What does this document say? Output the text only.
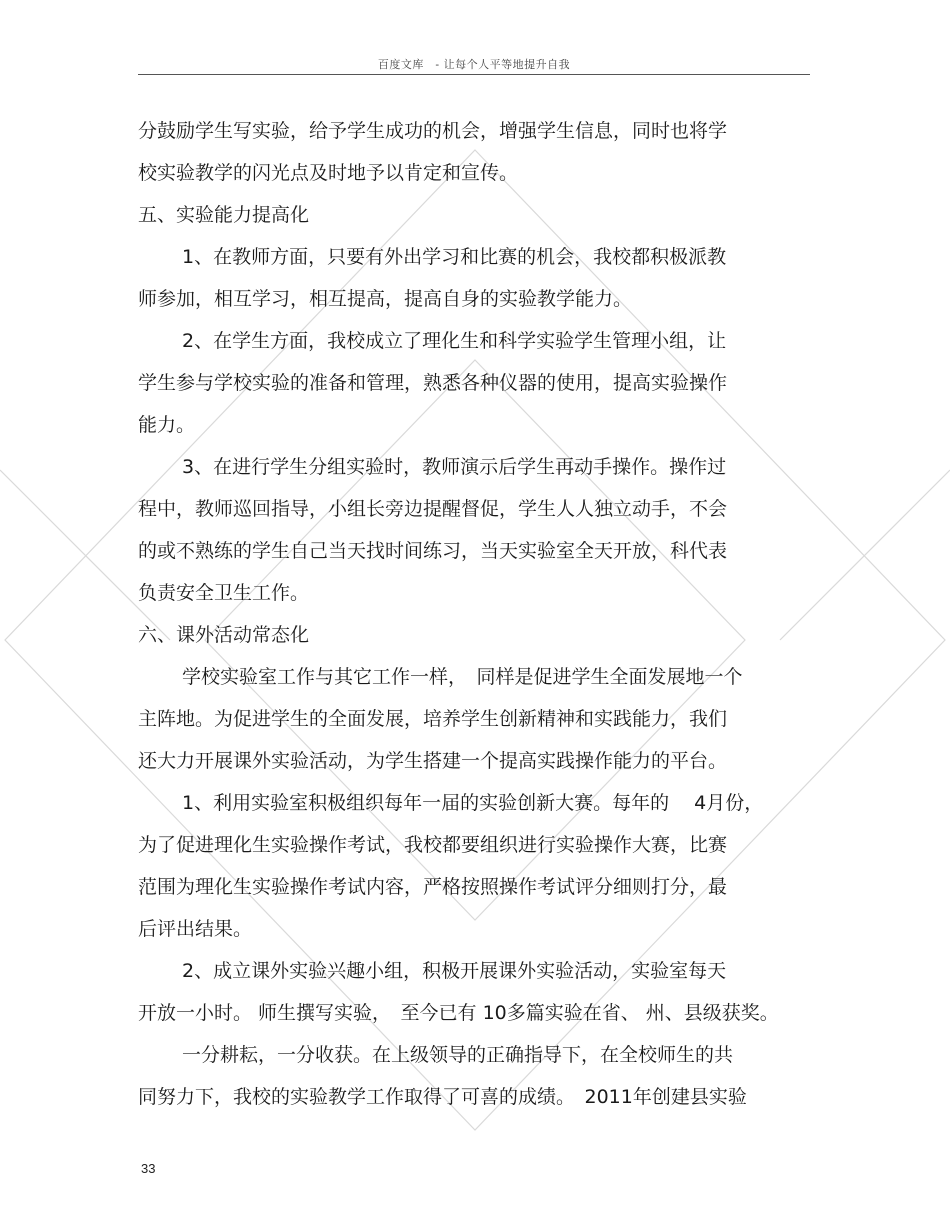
百度文库　- 让每个人平等地提升自我
分鼓励学生写实验，给予学生成功的机会，增强学生信息，同时也将学
校实验教学的闪光点及时地予以肯定和宣传。
五、实验能力提高化
1、在教师方面，只要有外出学习和比赛的机会，我校都积极派教
师参加，相互学习，相互提高，提高自身的实验教学能力。
2、在学生方面，我校成立了理化生和科学实验学生管理小组，让
学生参与学校实验的准备和管理，熟悉各种仪器的使用，提高实验操作
能力。
3、在进行学生分组实验时，教师演示后学生再动手操作。操作过
程中，教师巡回指导，小组长旁边提醒督促，学生人人独立动手，不会
的或不熟练的学生自己当天找时间练习，当天实验室全天开放，科代表
负责安全卫生工作。
六、课外活动常态化
学校实验室工作与其它工作一样，　同样是促进学生全面发展地一个
主阵地。为促进学生的全面发展，培养学生创新精神和实践能力，我们
还大力开展课外实验活动，为学生搭建一个提高实践操作能力的平台。
1、利用实验室积极组织每年一届的实验创新大赛。每年的　 4月份，
为了促进理化生实验操作考试，我校都要组织进行实验操作大赛，比赛
范围为理化生实验操作考试内容，严格按照操作考试评分细则打分，最
后评出结果。
2、成立课外实验兴趣小组，积极开展课外实验活动，实验室每天
开放一小时。 师生撰写实验，　至今已有 10多篇实验在省、 州、县级获奖。
一分耕耘，一分收获。在上级领导的正确指导下，在全校师生的共
同努力下，我校的实验教学工作取得了可喜的成绩。　2011年创建县实验
33
